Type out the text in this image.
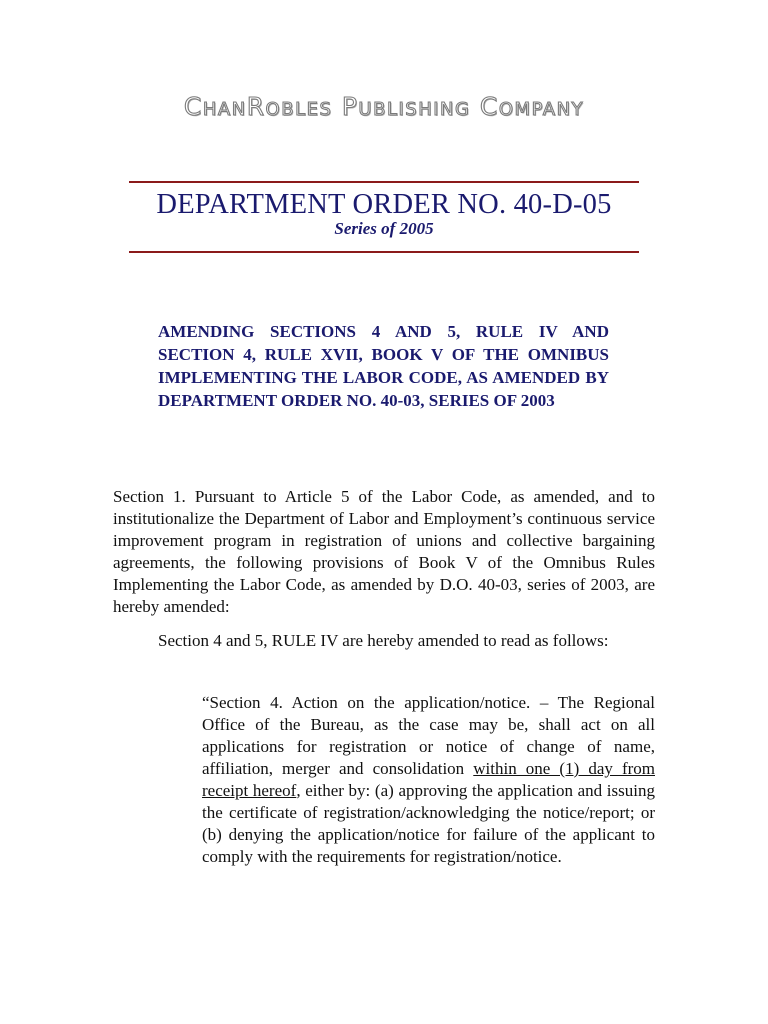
ChanRobles Publishing Company
DEPARTMENT ORDER NO. 40-D-05
Series of 2005
AMENDING SECTIONS 4 AND 5, RULE IV AND SECTION 4, RULE XVII, BOOK V OF THE OMNIBUS IMPLEMENTING THE LABOR CODE, AS AMENDED BY DEPARTMENT ORDER NO. 40-03, SERIES OF 2003
Section 1. Pursuant to Article 5 of the Labor Code, as amended, and to institutionalize the Department of Labor and Employment’s continuous service improvement program in registration of unions and collective bargaining agreements, the following provisions of Book V of the Omnibus Rules Implementing the Labor Code, as amended by D.O. 40-03, series of 2003, are hereby amended:
Section 4 and 5, RULE IV are hereby amended to read as follows:
“Section 4. Action on the application/notice. – The Regional Office of the Bureau, as the case may be, shall act on all applications for registration or notice of change of name, affiliation, merger and consolidation within one (1) day from receipt hereof, either by: (a) approving the application and issuing the certificate of registration/acknowledging the notice/report; or (b) denying the application/notice for failure of the applicant to comply with the requirements for registration/notice.
